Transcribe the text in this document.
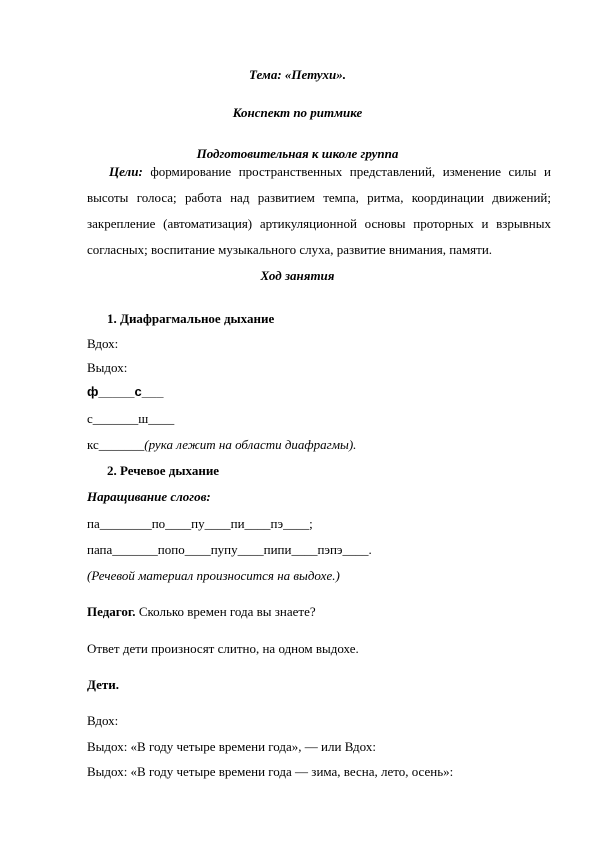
Тема: «Петухи».
Конспект по ритмике
Подготовительная к школе группа
Цели: формирование пространственных представлений, изменение силы и
высоты голоса; работа над развитием темпа, ритма, координации движений;
закрепление (автоматизация) артикуляционной основы проторных и взрывных
согласных; воспитание музыкального слуха, развитие внимания, памяти.
Ход занятия
1. Диафрагмальное дыхание
Вдох:
Выдох:
ф_____с___
с_______ш____
кс_______(рука лежит на области диафрагмы).
2. Речевое дыхание
Наращивание слогов:
па________по____пу____пи____пэ____;
папа_______попо____пупу____пипи____пэпэ____.
(Речевой материал произносится на выдохе.)
Педагог. Сколько времен года вы знаете?
Ответ дети произносят слитно, на одном выдохе.
Дети.
Вдох:
Выдох: «В году четыре времени года», — или Вдох:
Выдох: «В году четыре времени года — зима, весна, лето, осень»:
